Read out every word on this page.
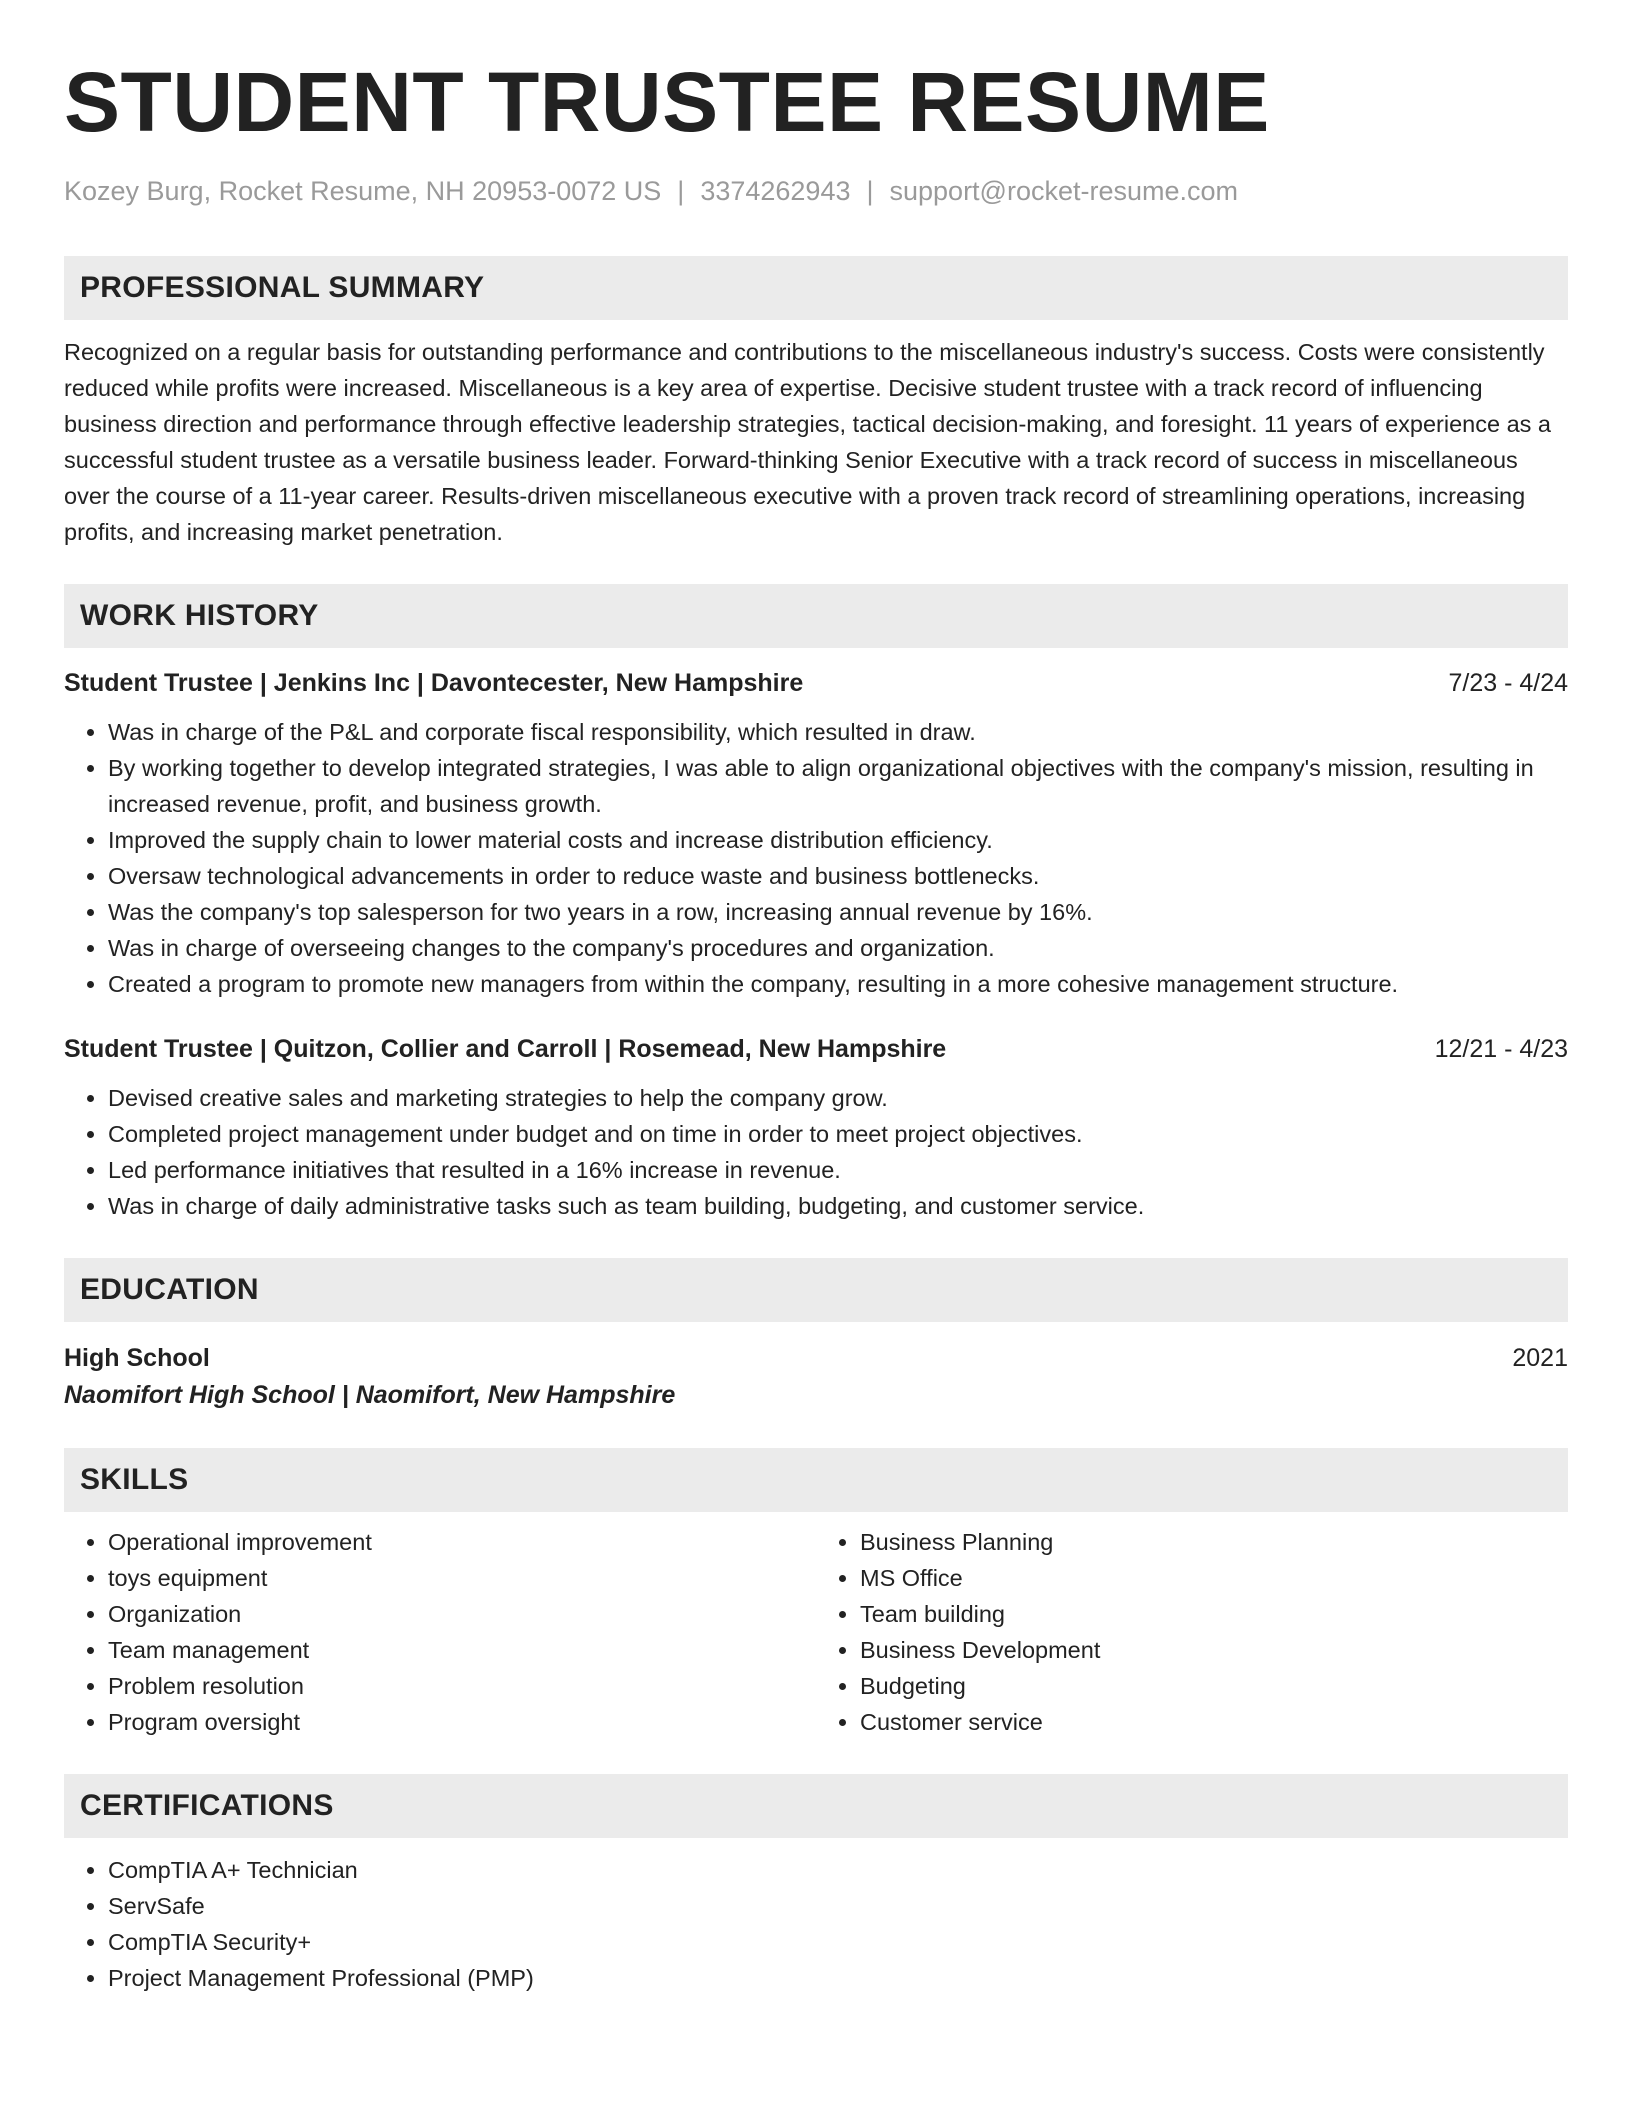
STUDENT TRUSTEE RESUME
Kozey Burg, Rocket Resume, NH 20953-0072 US | 3374262943 | support@rocket-resume.com
PROFESSIONAL SUMMARY
Recognized on a regular basis for outstanding performance and contributions to the miscellaneous industry's success. Costs were consistently reduced while profits were increased. Miscellaneous is a key area of expertise. Decisive student trustee with a track record of influencing business direction and performance through effective leadership strategies, tactical decision-making, and foresight. 11 years of experience as a successful student trustee as a versatile business leader. Forward-thinking Senior Executive with a track record of success in miscellaneous over the course of a 11-year career. Results-driven miscellaneous executive with a proven track record of streamlining operations, increasing profits, and increasing market penetration.
WORK HISTORY
Student Trustee | Jenkins Inc | Davontecester, New Hampshire	7/23 - 4/24
• Was in charge of the P&L and corporate fiscal responsibility, which resulted in draw.
• By working together to develop integrated strategies, I was able to align organizational objectives with the company's mission, resulting in increased revenue, profit, and business growth.
• Improved the supply chain to lower material costs and increase distribution efficiency.
• Oversaw technological advancements in order to reduce waste and business bottlenecks.
• Was the company's top salesperson for two years in a row, increasing annual revenue by 16%.
• Was in charge of overseeing changes to the company's procedures and organization.
• Created a program to promote new managers from within the company, resulting in a more cohesive management structure.
Student Trustee | Quitzon, Collier and Carroll | Rosemead, New Hampshire	12/21 - 4/23
• Devised creative sales and marketing strategies to help the company grow.
• Completed project management under budget and on time in order to meet project objectives.
• Led performance initiatives that resulted in a 16% increase in revenue.
• Was in charge of daily administrative tasks such as team building, budgeting, and customer service.
EDUCATION
High School	2021
Naomifort High School | Naomifort, New Hampshire
SKILLS
• Operational improvement
• toys equipment
• Organization
• Team management
• Problem resolution
• Program oversight
• Business Planning
• MS Office
• Team building
• Business Development
• Budgeting
• Customer service
CERTIFICATIONS
• CompTIA A+ Technician
• ServSafe
• CompTIA Security+
• Project Management Professional (PMP)
